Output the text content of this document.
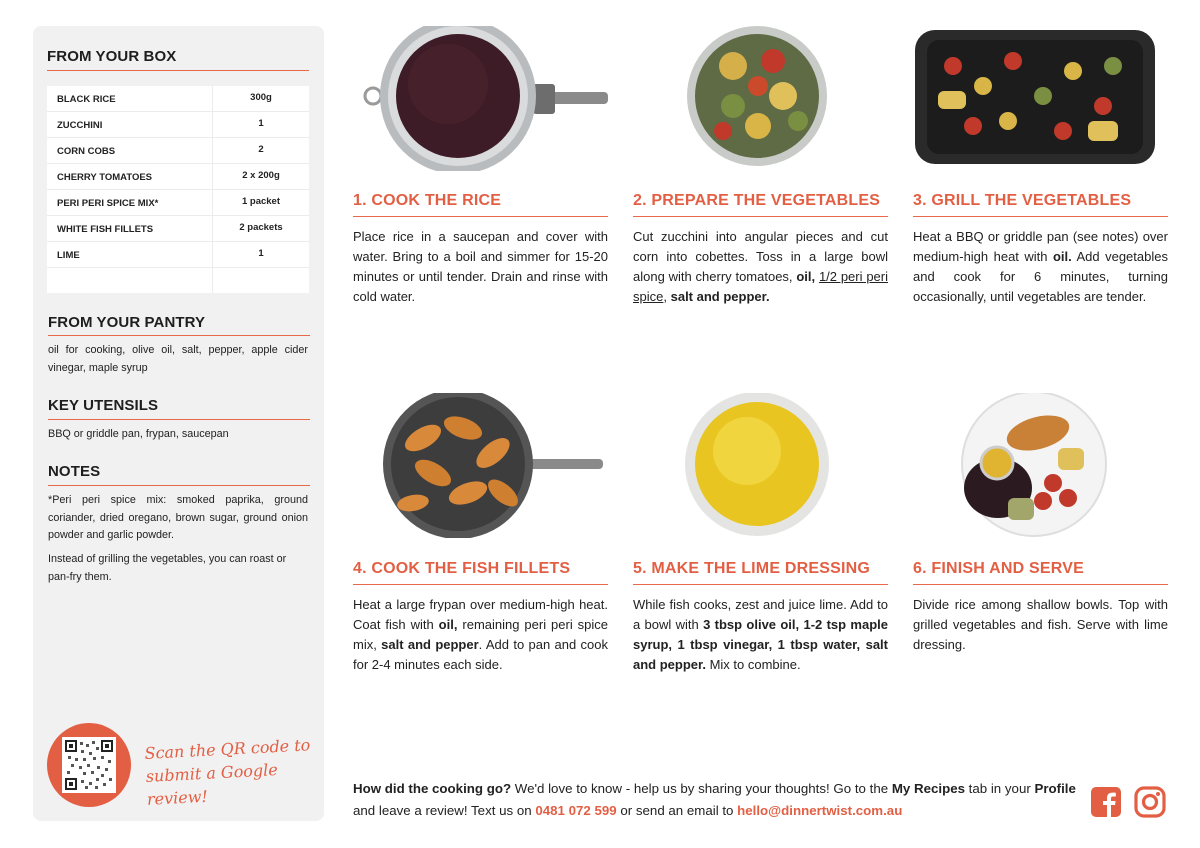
FROM YOUR BOX
BLACK RICE	300g
ZUCCHINI	1
CORN COBS	2
CHERRY TOMATOES	2 x 200g
PERI PERI SPICE MIX*	1 packet
WHITE FISH FILLETS	2 packets
LIME	1
FROM YOUR PANTRY
oil for cooking, olive oil, salt, pepper, apple cider vinegar, maple syrup
KEY UTENSILS
BBQ or griddle pan, frypan, saucepan
NOTES
*Peri peri spice mix: smoked paprika, ground coriander, dried oregano, brown sugar, ground onion powder and garlic powder.
Instead of grilling the vegetables, you can roast or pan-fry them.
Scan the QR code to submit a Google review!
1. COOK THE RICE
Place rice in a saucepan and cover with water. Bring to a boil and simmer for 15-20 minutes or until tender. Drain and rinse with cold water.
2. PREPARE THE VEGETABLES
Cut zucchini into angular pieces and cut corn into cobettes. Toss in a large bowl along with cherry tomatoes, oil, 1/2 peri peri spice, salt and pepper.
3. GRILL THE VEGETABLES
Heat a BBQ or griddle pan (see notes) over medium-high heat with oil. Add vegetables and cook for 6 minutes, turning occasionally, until vegetables are tender.
4. COOK THE FISH FILLETS
Heat a large frypan over medium-high heat. Coat fish with oil, remaining peri peri spice mix, salt and pepper. Add to pan and cook for 2-4 minutes each side.
5. MAKE THE LIME DRESSING
While fish cooks, zest and juice lime. Add to a bowl with 3 tbsp olive oil, 1-2 tsp maple syrup, 1 tbsp vinegar, 1 tbsp water, salt and pepper. Mix to combine.
6. FINISH AND SERVE
Divide rice among shallow bowls. Top with grilled vegetables and fish. Serve with lime dressing.
How did the cooking go? We'd love to know - help us by sharing your thoughts! Go to the My Recipes tab in your Profile and leave a review! Text us on 0481 072 599 or send an email to hello@dinnertwist.com.au
